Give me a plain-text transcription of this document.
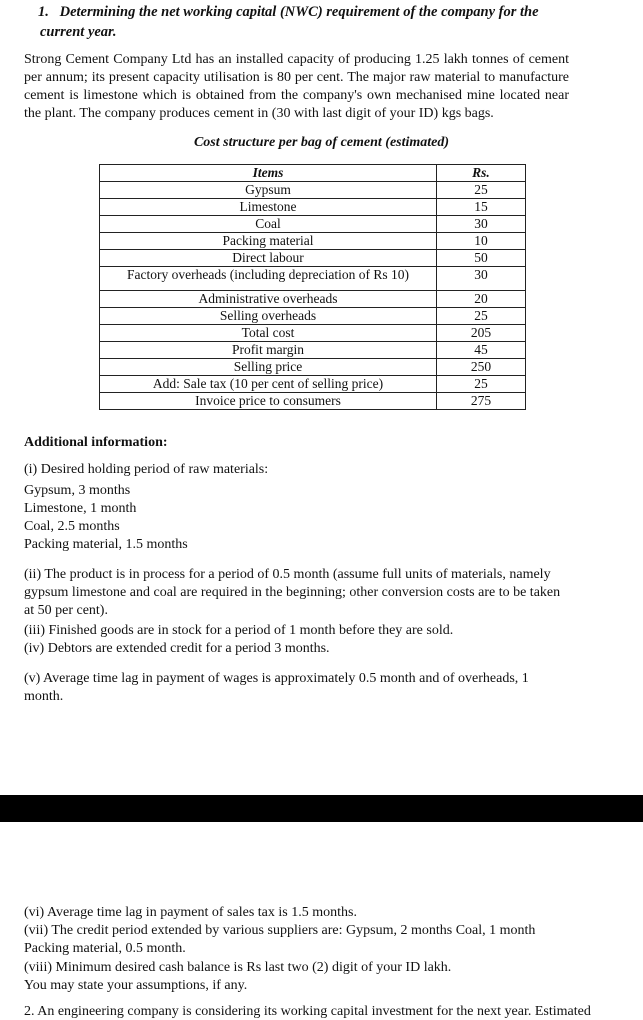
1. Determining the net working capital (NWC) requirement of the company for the current year.
Strong Cement Company Ltd has an installed capacity of producing 1.25 lakh tonnes of cement per annum; its present capacity utilisation is 80 per cent. The major raw material to manufacture cement is limestone which is obtained from the company's own mechanised mine located near the plant. The company produces cement in (30 with last digit of your ID) kgs bags.
Cost structure per bag of cement (estimated)
Items	Rs.
Gypsum	25
Limestone	15
Coal	30
Packing material	10
Direct labour	50
Factory overheads (including depreciation of Rs 10)	30
Administrative overheads	20
Selling overheads	25
Total cost	205
Profit margin	45
Selling price	250
Add: Sale tax (10 per cent of selling price)	25
Invoice price to consumers	275
Additional information:
(i) Desired holding period of raw materials:
Gypsum, 3 months
Limestone, 1 month
Coal, 2.5 months
Packing material, 1.5 months
(ii) The product is in process for a period of 0.5 month (assume full units of materials, namely gypsum limestone and coal are required in the beginning; other conversion costs are to be taken at 50 per cent).
(iii) Finished goods are in stock for a period of 1 month before they are sold.
(iv) Debtors are extended credit for a period 3 months.
(v) Average time lag in payment of wages is approximately 0.5 month and of overheads, 1 month.
(vi) Average time lag in payment of sales tax is 1.5 months.
(vii) The credit period extended by various suppliers are: Gypsum, 2 months Coal, 1 month Packing material, 0.5 month.
(viii) Minimum desired cash balance is Rs last two (2) digit of your ID lakh.
You may state your assumptions, if any.
2. An engineering company is considering its working capital investment for the next year. Estimated
